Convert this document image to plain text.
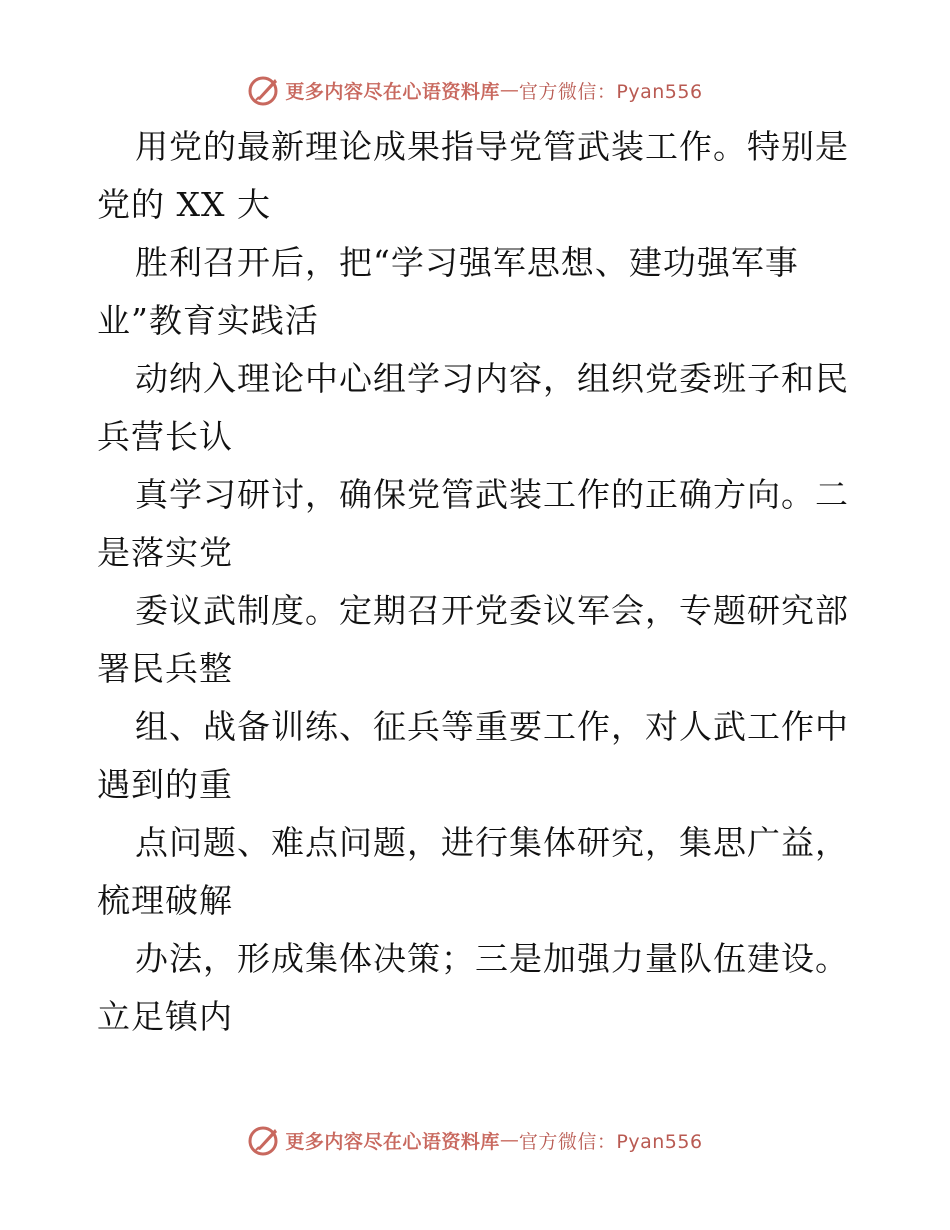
更多内容尽在心语资料库 — 官方微信：Pyan556
用党的最新理论成果指导党管武装工作。特别是
党的 XX 大
胜利召开后，把“学习强军思想、建功强军事
业”教育实践活
动纳入理论中心组学习内容，组织党委班子和民
兵营长认
真学习研讨，确保党管武装工作的正确方向。二
是落实党
委议武制度。定期召开党委议军会，专题研究部
署民兵整
组、战备训练、征兵等重要工作，对人武工作中
遇到的重
点问题、难点问题，进行集体研究，集思广益，
梳理破解
办法，形成集体决策；三是加强力量队伍建设。
立足镇内
更多内容尽在心语资料库 — 官方微信：Pyan556
